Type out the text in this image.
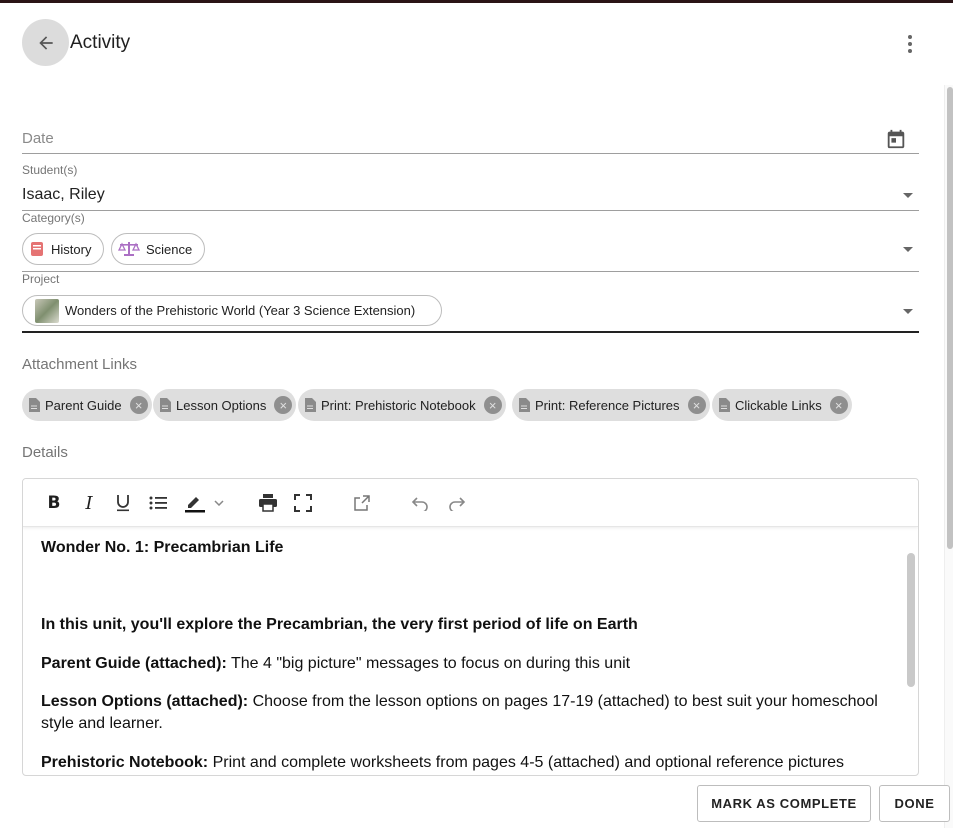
Activity
Date
Student(s)
Isaac, Riley
Category(s)
History	Science
Project
Wonders of the Prehistoric World (Year 3 Science Extension)
Attachment Links
Parent Guide	×	Lesson Options	×	Print: Prehistoric Notebook	×	Print: Reference Pictures	×	Clickable Links	×
Details
B I

Wonder No. 1: Precambrian Life

In this unit, you'll explore the Precambrian, the very first period of life on Earth

Parent Guide (attached): The 4 "big picture" messages to focus on during this unit

Lesson Options (attached): Choose from the lesson options on pages 17-19 (attached) to best suit your homeschool style and learner.

Prehistoric Notebook: Print and complete worksheets from pages 4-5 (attached) and optional reference pictures

MARK AS COMPLETE	DONE
